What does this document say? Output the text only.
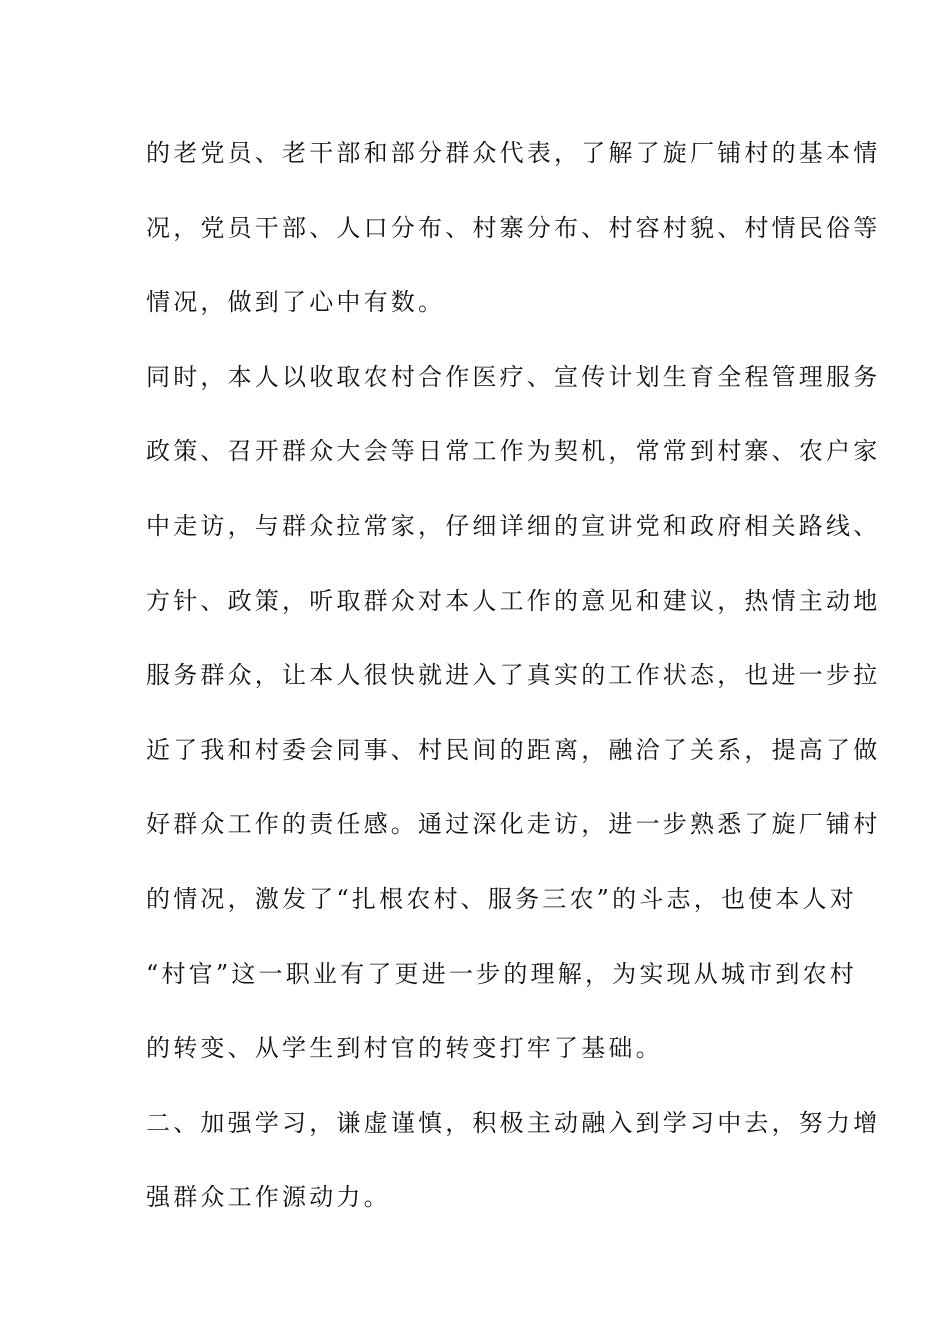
的老党员、老干部和部分群众代表，了解了旋厂铺村的基本情
况，党员干部、人口分布、村寨分布、村容村貌、村情民俗等
情况，做到了心中有数。
同时，本人以收取农村合作医疗、宣传计划生育全程管理服务
政策、召开群众大会等日常工作为契机，常常到村寨、农户家
中走访，与群众拉常家，仔细详细的宣讲党和政府相关路线、
方针、政策，听取群众对本人工作的意见和建议，热情主动地
服务群众，让本人很快就进入了真实的工作状态，也进一步拉
近了我和村委会同事、村民间的距离，融洽了关系，提高了做
好群众工作的责任感。通过深化走访，进一步熟悉了旋厂铺村
的情况，激发了“扎根农村、服务三农”的斗志，也使本人对
“村官”这一职业有了更进一步的理解，为实现从城市到农村
的转变、从学生到村官的转变打牢了基础。
二、加强学习，谦虚谨慎，积极主动融入到学习中去，努力增
强群众工作源动力。
